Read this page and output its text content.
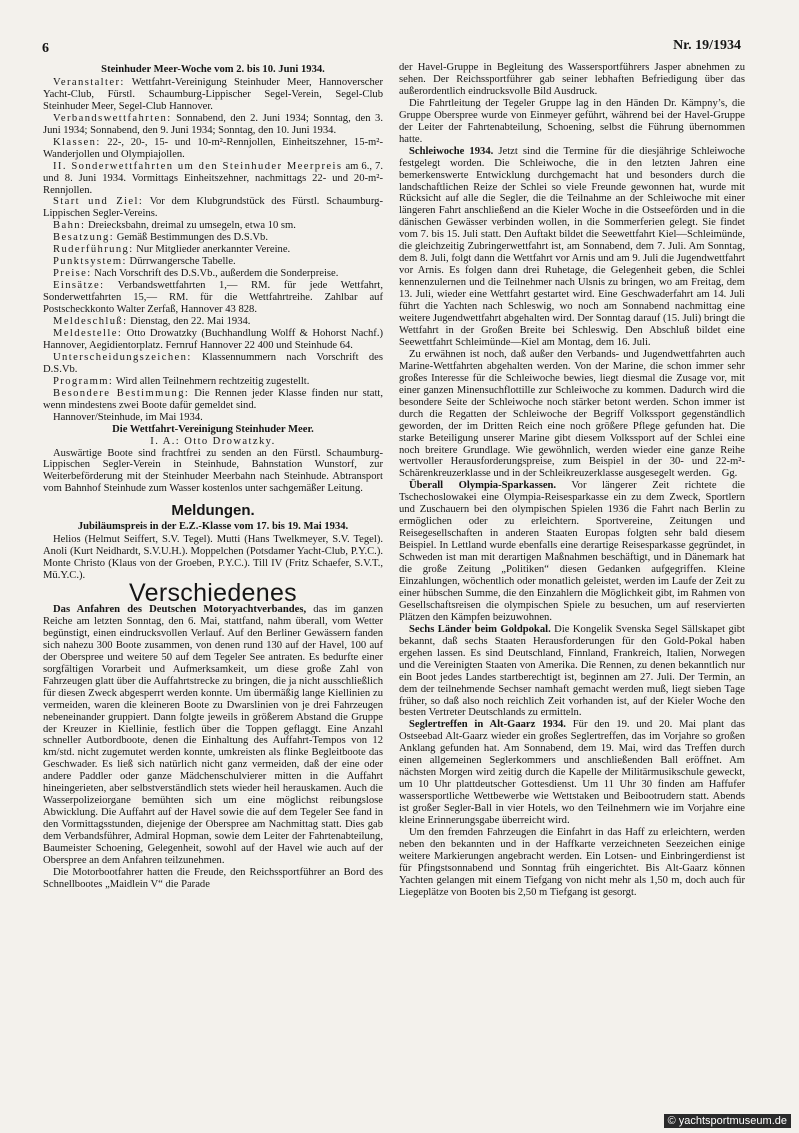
6	Nr. 19/1934
Steinhuder Meer-Woche vom 2. bis 10. Juni 1934.

Veranstalter: Wettfahrt-Vereinigung Steinhuder Meer, Hannoverscher Yacht-Club, Fürstl. Schaumburg-Lippischer Segel-Verein, Segel-Club Steinhuder Meer, Segel-Club Hannover.

Verbandswettfahrten: Sonnabend, den 2. Juni 1934; Sonntag, den 3. Juni 1934; Sonnabend, den 9. Juni 1934; Sonntag, den 10. Juni 1934.

Klassen: 22-, 20-, 15- und 10-m²-Rennjollen, Einheitszehner, 15-m²-Wanderjollen und Olympiajollen.

II. Sonderwettfahrten um den Steinhuder Meerpreis am 6., 7. und 8. Juni 1934. Vormittags Einheitszehner, nachmittags 22- und 20-m²-Rennjollen.

Start und Ziel: Vor dem Klubgrundstück des Fürstl. Schaumburg-Lippischen Segler-Vereins.

Bahn: Dreiecksbahn, dreimal zu umsegeln, etwa 10 sm.

Besatzung: Gemäß Bestimmungen des D.S.Vb.

Ruderführung: Nur Mitglieder anerkannter Vereine.

Punktsystem: Dürrwangersche Tabelle.

Preise: Nach Vorschrift des D.S.Vb., außerdem die Sonderpreise.

Einsätze: Verbandswettfahrten 1,— RM. für jede Wettfahrt, Sonderwettfahrten 15,— RM. für die Wettfahrtreihe. Zahlbar auf Postscheckkonto Walter Zerfaß, Hannover 43 828.

Meldeschluß: Dienstag, den 22. Mai 1934.

Meldestelle: Otto Drowatzky (Buchhandlung Wolff & Hohorst Nachf.) Hannover, Aegidientorplatz. Fernruf Hannover 22 400 und Steinhude 64.

Unterscheidungszeichen: Klassennummern nach Vorschrift des D.S.Vb.

Programm: Wird allen Teilnehmern rechtzeitig zugestellt.

Besondere Bestimmung: Die Rennen jeder Klasse finden nur statt, wenn mindestens zwei Boote dafür gemeldet sind.

Hannover/Steinhude, im Mai 1934.

Die Wettfahrt-Vereinigung Steinhuder Meer.

I. A.: Otto Drowatzky.

Auswärtige Boote sind frachtfrei zu senden an den Fürstl. Schaumburg-Lippischen Segler-Verein in Steinhude, Bahnstation Wunstorf, zur Weiterbeförderung mit der Steinhuder Meerbahn nach Steinhude. Abtransport vom Bahnhof Steinhude zum Wasser kostenlos unter sachgemäßer Leitung.

Meldungen.
Jubiläumspreis in der E.Z.-Klasse vom 17. bis 19. Mai 1934.

Helios (Helmut Seiffert, S.V. Tegel). Mutti (Hans Twelkmeyer, S.V. Tegel). Anoli (Kurt Neidhardt, S.V.U.H.). Moppelchen (Potsdamer Yacht-Club, P.Y.C.). Monte Christo (Klaus von der Groeben, P.Y.C.). Till IV (Fritz Schaefer, S.V.T., Mü.Y.C.).

Verschiedenes

Das Anfahren des Deutschen Motoryachtverbandes, das im ganzen Reiche am letzten Sonntag, den 6. Mai, stattfand, nahm überall, vom Wetter begünstigt, einen eindrucksvollen Verlauf. Auf den Berliner Gewässern fanden sich nahezu 300 Boote zusammen, von denen rund 130 auf der Havel, 100 auf der Oberspree und weitere 50 auf dem Tegeler See antraten. Es bedurfte einer sorgfältigen Vorarbeit und Aufmerksamkeit, um diese große Zahl von Fahrzeugen glatt über die Auffahrtstrecke zu bringen, die ja nicht ausschließlich für diesen Zweck abgesperrt werden konnte. Um übermäßig lange Kiellinien zu vermeiden, waren die kleineren Boote zu Dwarslinien von je drei Fahrzeugen nebeneinander gruppiert. Dann folgte jeweils in größerem Abstand die Gruppe der Kreuzer in Kiellinie, festlich über die Toppen geflaggt. Eine Anzahl schneller Autbordboote, denen die Einhaltung des Auffahrt-Tempos von 12 km/std. nicht zugemutet werden konnte, umkreisten als flinke Begleitboote das Geschwader. Es ließ sich natürlich nicht ganz vermeiden, daß der eine oder andere Paddler oder ganze Mädchenschulvierer mitten in die Auffahrt hineingerieten, aber selbstverständlich stets wieder heil herauskamen. Auch die Wasserpolizeiorgane bemühten sich um eine möglichst reibungslose Abwicklung. Die Auffahrt auf der Havel sowie die auf dem Tegeler See fand in den Vormittagsstunden, diejenige der Oberspree am Nachmittag statt. Dies gab dem Verbandsführer, Admiral Hopman, sowie dem Leiter der Fahrtenabteilung, Baumeister Schoening, Gelegenheit, sowohl auf der Havel wie auch auf der Oberspree an dem Anfahren teilzunehmen.

Die Motorbootfahrer hatten die Freude, den Reichssportführer an Bord des Schnellbootes „Maidlein V“ die Parade

der Havel-Gruppe in Begleitung des Wassersportführers Jasper abnehmen zu sehen. Der Reichssportführer gab seiner lebhaften Befriedigung über das außerordentlich eindrucksvolle Bild Ausdruck.

Die Fahrtleitung der Tegeler Gruppe lag in den Händen Dr. Kämpny’s, die Gruppe Oberspree wurde von Einmeyer geführt, während bei der Havel-Gruppe der Leiter der Fahrtenabteilung, Schoening, selbst die Führung übernommen hatte.

Schleiwoche 1934. Jetzt sind die Termine für die diesjährige Schleiwoche festgelegt worden. Die Schleiwoche, die in den letzten Jahren eine bemerkenswerte Entwicklung durchgemacht hat und besonders durch die landschaftlichen Reize der Schlei so viele Freunde gewonnen hat, wurde mit Rücksicht auf alle die Segler, die die Teilnahme an der Schleiwoche mit einer längeren Fahrt anschließend an die Kieler Woche in die Ostseeförden und in die dänischen Gewässer verbinden wollen, in die Sommerferien gelegt. Sie findet vom 7. bis 15. Juli statt. Den Auftakt bildet die Seewettfahrt Kiel—Schleimünde, die gleichzeitig Zubringerwettfahrt ist, am Sonnabend, dem 7. Juli. Am Sonntag, dem 8. Juli, folgt dann die Wettfahrt vor Arnis und am 9. Juli die Jugendwettfahrt vor Arnis. Es folgen dann drei Ruhetage, die Gelegenheit geben, die Schlei kennenzulernen und die Teilnehmer nach Ulsnis zu bringen, wo am Freitag, dem 13. Juli, wieder eine Wettfahrt gestartet wird. Eine Geschwaderfahrt am 14. Juli führt die Yachten nach Schleswig, wo noch am Sonnabend nachmittag eine weitere Jugendwettfahrt abgehalten wird. Der Sonntag darauf (15. Juli) bringt die Wettfahrt in der Großen Breite bei Schleswig. Den Abschluß bildet eine Seewettfahrt Schleimünde—Kiel am Montag, dem 16. Juli.

Zu erwähnen ist noch, daß außer den Verbands- und Jugendwettfahrten auch Marine-Wettfahrten abgehalten werden. Von der Marine, die schon immer sehr großes Interesse für die Schleiwoche bewies, liegt diesmal die Zusage vor, mit einer ganzen Minensuchflottille zur Schleiwoche zu kommen. Dadurch wird die besondere Seite der Schleiwoche noch stärker betont werden. Schon immer ist durch die Regatten der Schleiwoche der Begriff Volkssport gegenständlich geworden, der im Dritten Reich eine noch größere Pflege gefunden hat. Die starke Beteiligung unserer Marine gibt diesem Volkssport auf der Schlei eine noch breitere Grundlage. Wie gewöhnlich, werden wieder eine ganze Reihe wertvoller Herausforderungspreise, zum Beispiel in der 30- und 22-m²-Schärenkreuzerklasse und in der Schleikreuzerklasse ausgesegelt werden. Gg.

Überall Olympia-Sparkassen. Vor längerer Zeit richtete die Tschechoslowakei eine Olympia-Reisesparkasse ein zu dem Zweck, Sportlern und Zuschauern bei den olympischen Spielen 1936 die Fahrt nach Berlin zu ermöglichen oder zu erleichtern. Sportvereine, Zeitungen und Reisegesellschaften in anderen Staaten Europas folgten sehr bald diesem Beispiel. In Lettland wurde ebenfalls eine derartige Reisesparkasse gegründet, in Schweden ist man mit derartigen Maßnahmen beschäftigt, und in Dänemark hat die große Zeitung „Politiken“ diesen Gedanken aufgegriffen. Kleine Einzahlungen, wöchentlich oder monatlich geleistet, werden im Laufe der Zeit zu einer hübschen Summe, die den Einzahlern die Möglichkeit gibt, im Rahmen von Gesellschaftsreisen die olympischen Spiele zu besuchen, um auf reservierten Plätzen den Kämpfen beizuwohnen.

Sechs Länder beim Goldpokal. Die Kongelik Svenska Segel Sällskapet gibt bekannt, daß sechs Staaten Herausforderungen für den Gold-Pokal haben ergehen lassen. Es sind Deutschland, Finnland, Frankreich, Italien, Norwegen und die Vereinigten Staaten von Amerika. Die Rennen, zu denen bekanntlich nur ein Boot jedes Landes startberechtigt ist, beginnen am 27. Juli. Der Termin, an dem der teilnehmende Sechser namhaft gemacht werden muß, liegt sieben Tage früher, so daß also noch reichlich Zeit vorhanden ist, auf der Kieler Woche den besten Vertreter Deutschlands zu ermitteln.

Seglertreffen in Alt-Gaarz 1934. Für den 19. und 20. Mai plant das Ostseebad Alt-Gaarz wieder ein großes Seglertreffen, das im Vorjahre so großen Anklang gefunden hat. Am Sonnabend, dem 19. Mai, wird das Treffen durch einen allgemeinen Seglerkommers und anschließenden Ball eröffnet. Am nächsten Morgen wird zeitig durch die Kapelle der Militärmusikschule geweckt, um 10 Uhr plattdeutscher Gottesdienst. Um 11 Uhr 30 finden am Haffufer wassersportliche Wettbewerbe wie Wettstaken und Beibootrudern statt. Abends ist großer Segler-Ball in vier Hotels, wo den Teilnehmern wie im Vorjahre eine kleine Erinnerungsgabe überreicht wird.

Um den fremden Fahrzeugen die Einfahrt in das Haff zu erleichtern, werden neben den bekannten und in der Haffkarte verzeichneten Seezeichen einige weitere Markierungen angebracht werden. Ein Lotsen- und Einbringerdienst ist für Pfingstsonnabend und Sonntag früh eingerichtet. Bis Alt-Gaarz können Yachten gelangen mit einem Tiefgang von nicht mehr als 1,50 m, doch auch für Liegeplätze von Booten bis 2,50 m Tiefgang ist gesorgt.

© yachtsportmuseum.de
